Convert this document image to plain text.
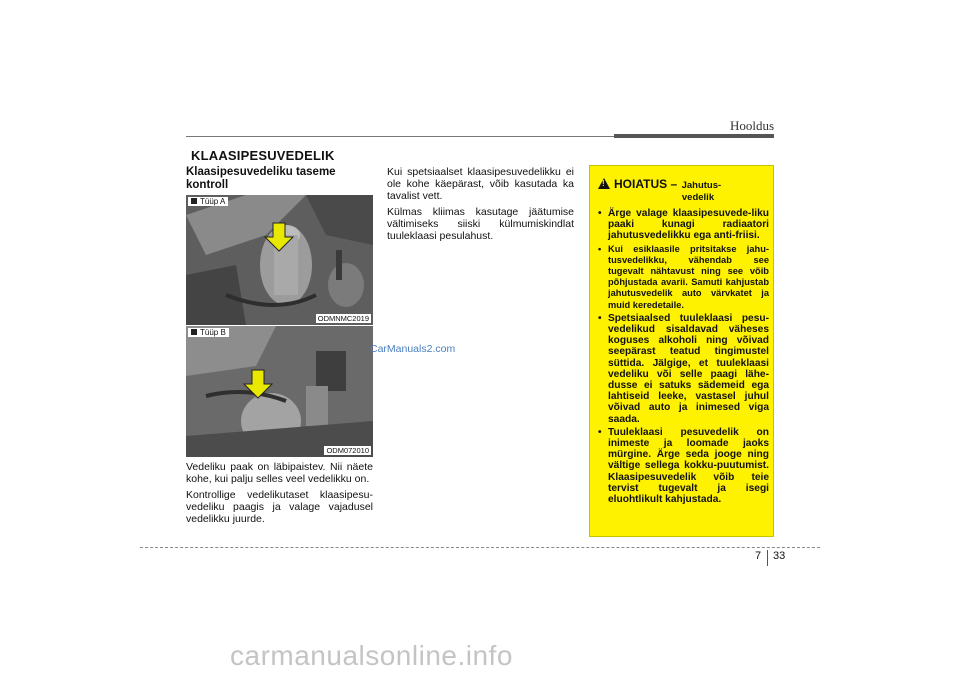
Hooldus
KLAASIPESUVEDELIK
Klaasipesuvedeliku taseme kontroll
Tüüp A
ODMNMC2019
Tüüp B
ODM072010

Vedeliku paak on läbipaistev. Nii näete kohe, kui palju selles veel vedelikku on.

Kontrollige vedelikutaset klaasipesu-vedeliku paagis ja valage vajadusel vedelikku juurde.

Kui spetsiaalset klaasipesuvedelikku ei ole kohe käepärast, võib kasutada ka tavalist vett.

Külmas kliimas kasutage jäätumise vältimiseks siiski külmumiskindlat tuuleklaasi pesulahust.

CarManuals2.com
!HOIATUS – Jahutus-
vedelik
• Ärge valage klaasipesuvede-liku paaki kunagi radiaatori jahutusvedelikku ega anti-friisi.
• Kui esiklaasile pritsitakse jahu-tusvedelikku, vähendab see tugevalt nähtavust ning see võib põhjustada avarii. Samuti kahjustab jahutusvedelik auto värvkatet ja muid keredetaile.
• Spetsiaalsed tuuleklaasi pesu-vedelikud sisaldavad väheses koguses alkoholi ning võivad seepärast teatud tingimustel süttida. Jälgige, et tuuleklaasi vedeliku või selle paagi lähe-dusse ei satuks sädemeid ega lahtiseid leeke, vastasel juhul võivad auto ja inimesed viga saada.
• Tuuleklaasi pesuvedelik on inimeste ja loomade jaoks mürgine. Ärge seda jooge ning vältige sellega kokku-puutumist. Klaasipesuvedelik võib teie tervist tugevalt ja isegi eluohtlikult kahjustada.
7 33
carmanualsonline.info
